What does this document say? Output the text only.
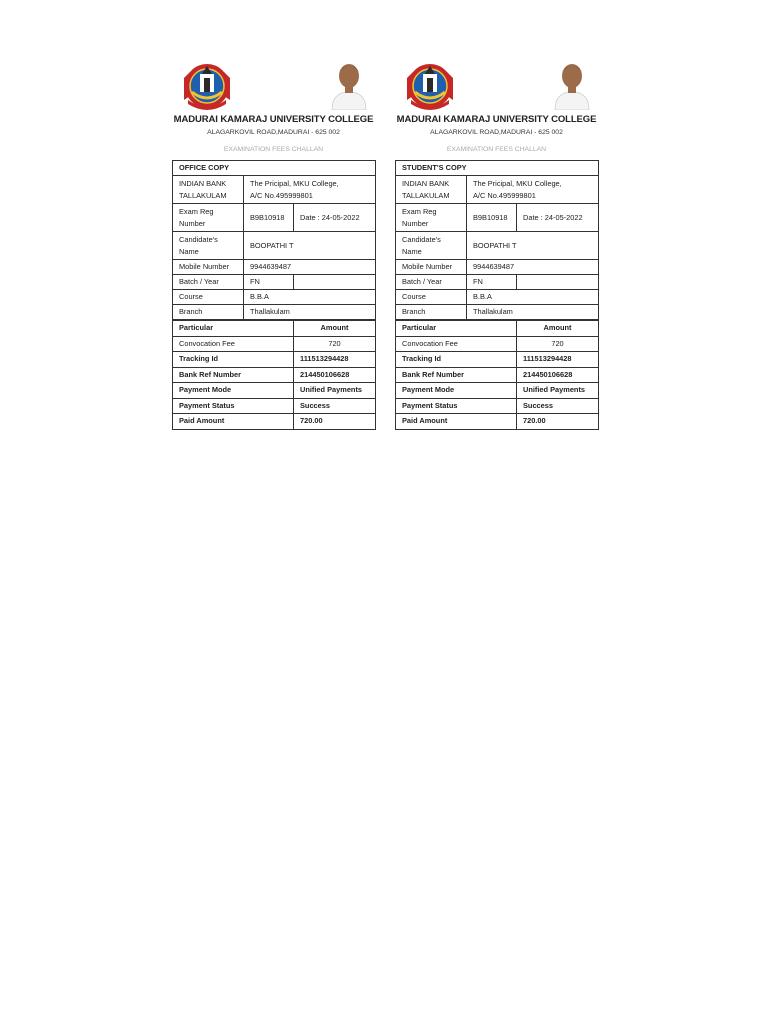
MADURAI KAMARAJ UNIVERSITY COLLEGE
ALAGARKOVIL ROAD,MADURAI - 625 002
EXAMINATION FEES CHALLAN
OFFICE COPY		
INDIAN BANK
TALLAKULAM	The Pricipal, MKU College,
A/C No.495999801	
Exam Reg
Number	B9B10918	Date : 24-05-2022
Candidate's
Name	BOOPATHI T	
Mobile Number	9944639487	
Batch / Year	FN	
Course	B.B.A	
Branch	Thallakulam	
Particular	Amount
Convocation Fee	720
Tracking Id	111513294428
Bank Ref Number	214450106628
Payment Mode	Unified Payments
Payment Status	Success
Paid Amount	720.00
MADURAI KAMARAJ UNIVERSITY COLLEGE
ALAGARKOVIL ROAD,MADURAI - 625 002
EXAMINATION FEES CHALLAN
STUDENT'S COPY		
INDIAN BANK
TALLAKULAM	The Pricipal, MKU College,
A/C No.495999801	
Exam Reg
Number	B9B10918	Date : 24-05-2022
Candidate's
Name	BOOPATHI T	
Mobile Number	9944639487	
Batch / Year	FN	
Course	B.B.A	
Branch	Thallakulam	
Particular	Amount
Convocation Fee	720
Tracking Id	111513294428
Bank Ref Number	214450106628
Payment Mode	Unified Payments
Payment Status	Success
Paid Amount	720.00
